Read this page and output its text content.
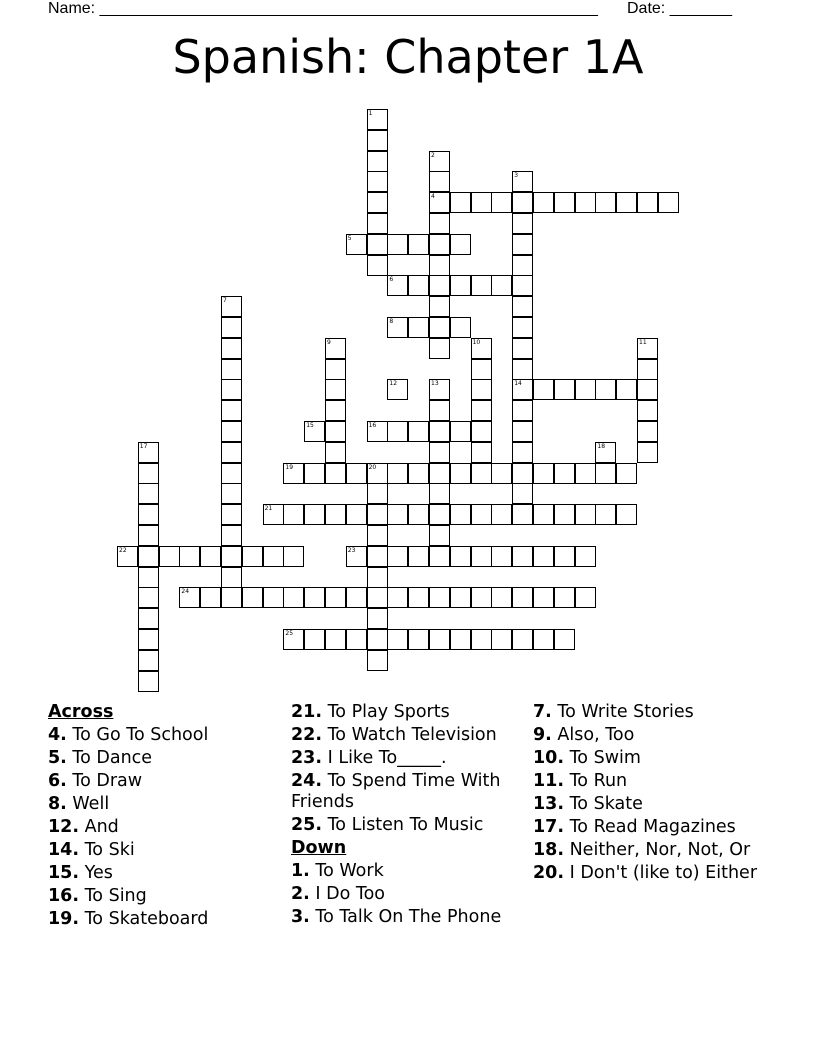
Name: ________________________________________________________ Date: _______
Spanish: Chapter 1A
4
5
6
8
12	14
15	16
19	20
21
22	23
24
25
1
2
3
7
9	10	11
13
17	18
Across
4. To Go To School
5. To Dance
6. To Draw
8. Well
12. And
14. To Ski
15. Yes
16. To Sing
19. To Skateboard
21. To Play Sports
22. To Watch Television
23. I Like To_____.
24. To Spend Time With Friends
25. To Listen To Music
Down
1. To Work
2. I Do Too
3. To Talk On The Phone
7. To Write Stories
9. Also, Too
10. To Swim
11. To Run
13. To Skate
17. To Read Magazines
18. Neither, Nor, Not, Or
20. I Don't (like to) Either
